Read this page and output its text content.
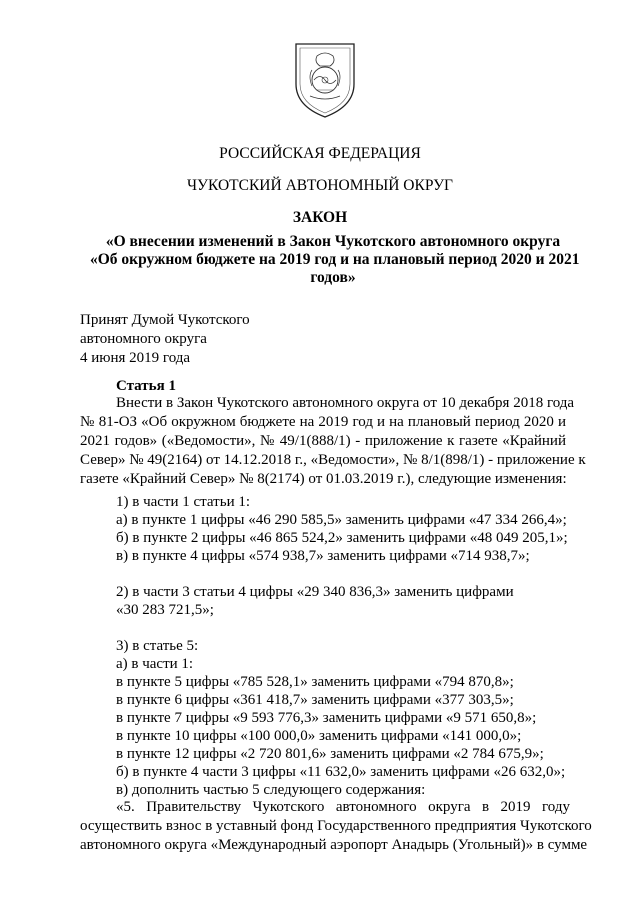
РОССИЙСКАЯ ФЕДЕРАЦИЯ
ЧУКОТСКИЙ АВТОНОМНЫЙ ОКРУГ
ЗАКОН
«О внесении изменений в Закон Чукотского автономного округа
«Об окружном бюджете на 2019 год и на плановый период 2020 и 2021
годов»
Принят Думой Чукотского
автономного округа
4 июня 2019 года
Статья 1
Внести в Закон Чукотского автономного округа от 10 декабря 2018 года
№ 81-ОЗ «Об окружном бюджете на 2019 год и на плановый период 2020 и
2021 годов» («Ведомости», № 49/1(888/1) - приложение к газете «Крайний
Север» № 49(2164) от 14.12.2018 г., «Ведомости», № 8/1(898/1) - приложение к
газете «Крайний Север» № 8(2174) от 01.03.2019 г.), следующие изменения:
1) в части 1 статьи 1:
а) в пункте 1 цифры «46 290 585,5» заменить цифрами «47 334 266,4»;
б) в пункте 2 цифры «46 865 524,2» заменить цифрами «48 049 205,1»;
в) в пункте 4 цифры «574 938,7» заменить цифрами «714 938,7»;
2) в части 3 статьи 4 цифры «29 340 836,3» заменить цифрами
«30 283 721,5»;
3) в статье 5:
а) в части 1:
в пункте 5 цифры «785 528,1» заменить цифрами «794 870,8»;
в пункте 6 цифры «361 418,7» заменить цифрами «377 303,5»;
в пункте 7 цифры «9 593 776,3» заменить цифрами «9 571 650,8»;
в пункте 10 цифры «100 000,0» заменить цифрами «141 000,0»;
в пункте 12 цифры «2 720 801,6» заменить цифрами «2 784 675,9»;
б) в пункте 4 части 3 цифры «11 632,0» заменить цифрами «26 632,0»;
в) дополнить частью 5 следующего содержания:
«5. Правительству Чукотского автономного округа в 2019 году
осуществить взнос в уставный фонд Государственного предприятия Чукотского
автономного округа «Международный аэропорт Анадырь (Угольный)» в сумме
